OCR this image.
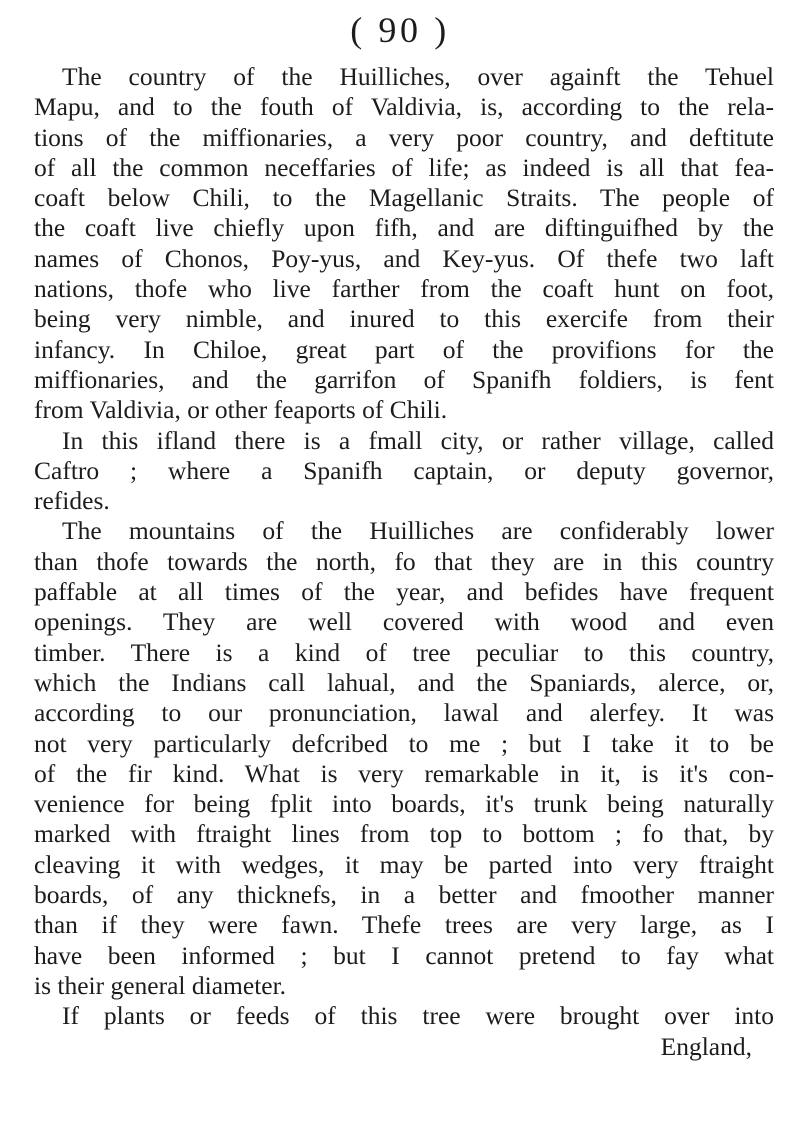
( 90 )
The country of the Huilliches, over againft the Tehuel
Mapu, and to the fouth of Valdivia, is, according to the rela-
tions of the miffionaries, a very poor country, and deftitute
of all the common neceffaries of life; as indeed is all that fea-
coaft below Chili, to the Magellanic Straits. The people of
the coaft live chiefly upon fifh, and are diftinguifhed by the
names of Chonos, Poy-yus, and Key-yus. Of thefe two laft
nations, thofe who live farther from the coaft hunt on foot,
being very nimble, and inured to this exercife from their
infancy. In Chiloe, great part of the provifions for the
miffionaries, and the garrifon of Spanifh foldiers, is fent
from Valdivia, or other feaports of Chili.
In this ifland there is a fmall city, or rather village, called
Caftro ; where a Spanifh captain, or deputy governor,
refides.
The mountains of the Huilliches are confiderably lower
than thofe towards the north, fo that they are in this country
paffable at all times of the year, and befides have frequent
openings. They are well covered with wood and even
timber. There is a kind of tree peculiar to this country,
which the Indians call lahual, and the Spaniards, alerce, or,
according to our pronunciation, lawal and alerfey. It was
not very particularly defcribed to me ; but I take it to be
of the fir kind. What is very remarkable in it, is it's con-
venience for being fplit into boards, it's trunk being naturally
marked with ftraight lines from top to bottom ; fo that, by
cleaving it with wedges, it may be parted into very ftraight
boards, of any thicknefs, in a better and fmoother manner
than if they were fawn. Thefe trees are very large, as I
have been informed ; but I cannot pretend to fay what
is their general diameter.
If plants or feeds of this tree were brought over into
England,
